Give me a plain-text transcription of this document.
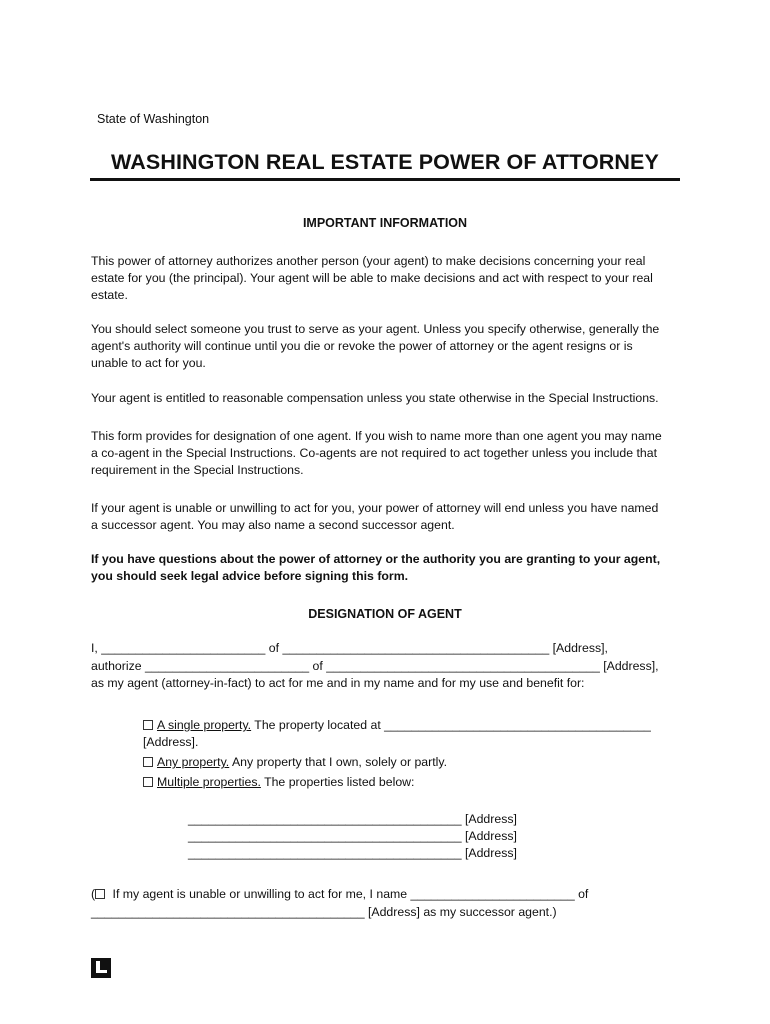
State of Washington
WASHINGTON REAL ESTATE POWER OF ATTORNEY
IMPORTANT INFORMATION
This power of attorney authorizes another person (your agent) to make decisions concerning your real
estate for you (the principal). Your agent will be able to make decisions and act with respect to your real
estate.
You should select someone you trust to serve as your agent. Unless you specify otherwise, generally the
agent's authority will continue until you die or revoke the power of attorney or the agent resigns or is
unable to act for you.
Your agent is entitled to reasonable compensation unless you state otherwise in the Special Instructions.
This form provides for designation of one agent. If you wish to name more than one agent you may name
a co-agent in the Special Instructions. Co-agents are not required to act together unless you include that
requirement in the Special Instructions.
If your agent is unable or unwilling to act for you, your power of attorney will end unless you have named
a successor agent. You may also name a second successor agent.
If you have questions about the power of attorney or the authority you are granting to your agent,
you should seek legal advice before signing this form.
DESIGNATION OF AGENT
I, ________________________ of _______________________________________ [Address],
authorize ________________________ of ________________________________________ [Address],
as my agent (attorney-in-fact) to act for me and in my name and for my use and benefit for:
A single property. The property located at _______________________________________
[Address].
Any property. Any property that I own, solely or partly.
Multiple properties. The properties listed below:
________________________________________ [Address]
________________________________________ [Address]
________________________________________ [Address]
( If my agent is unable or unwilling to act for me, I name ________________________ of
________________________________________ [Address] as my successor agent.)
